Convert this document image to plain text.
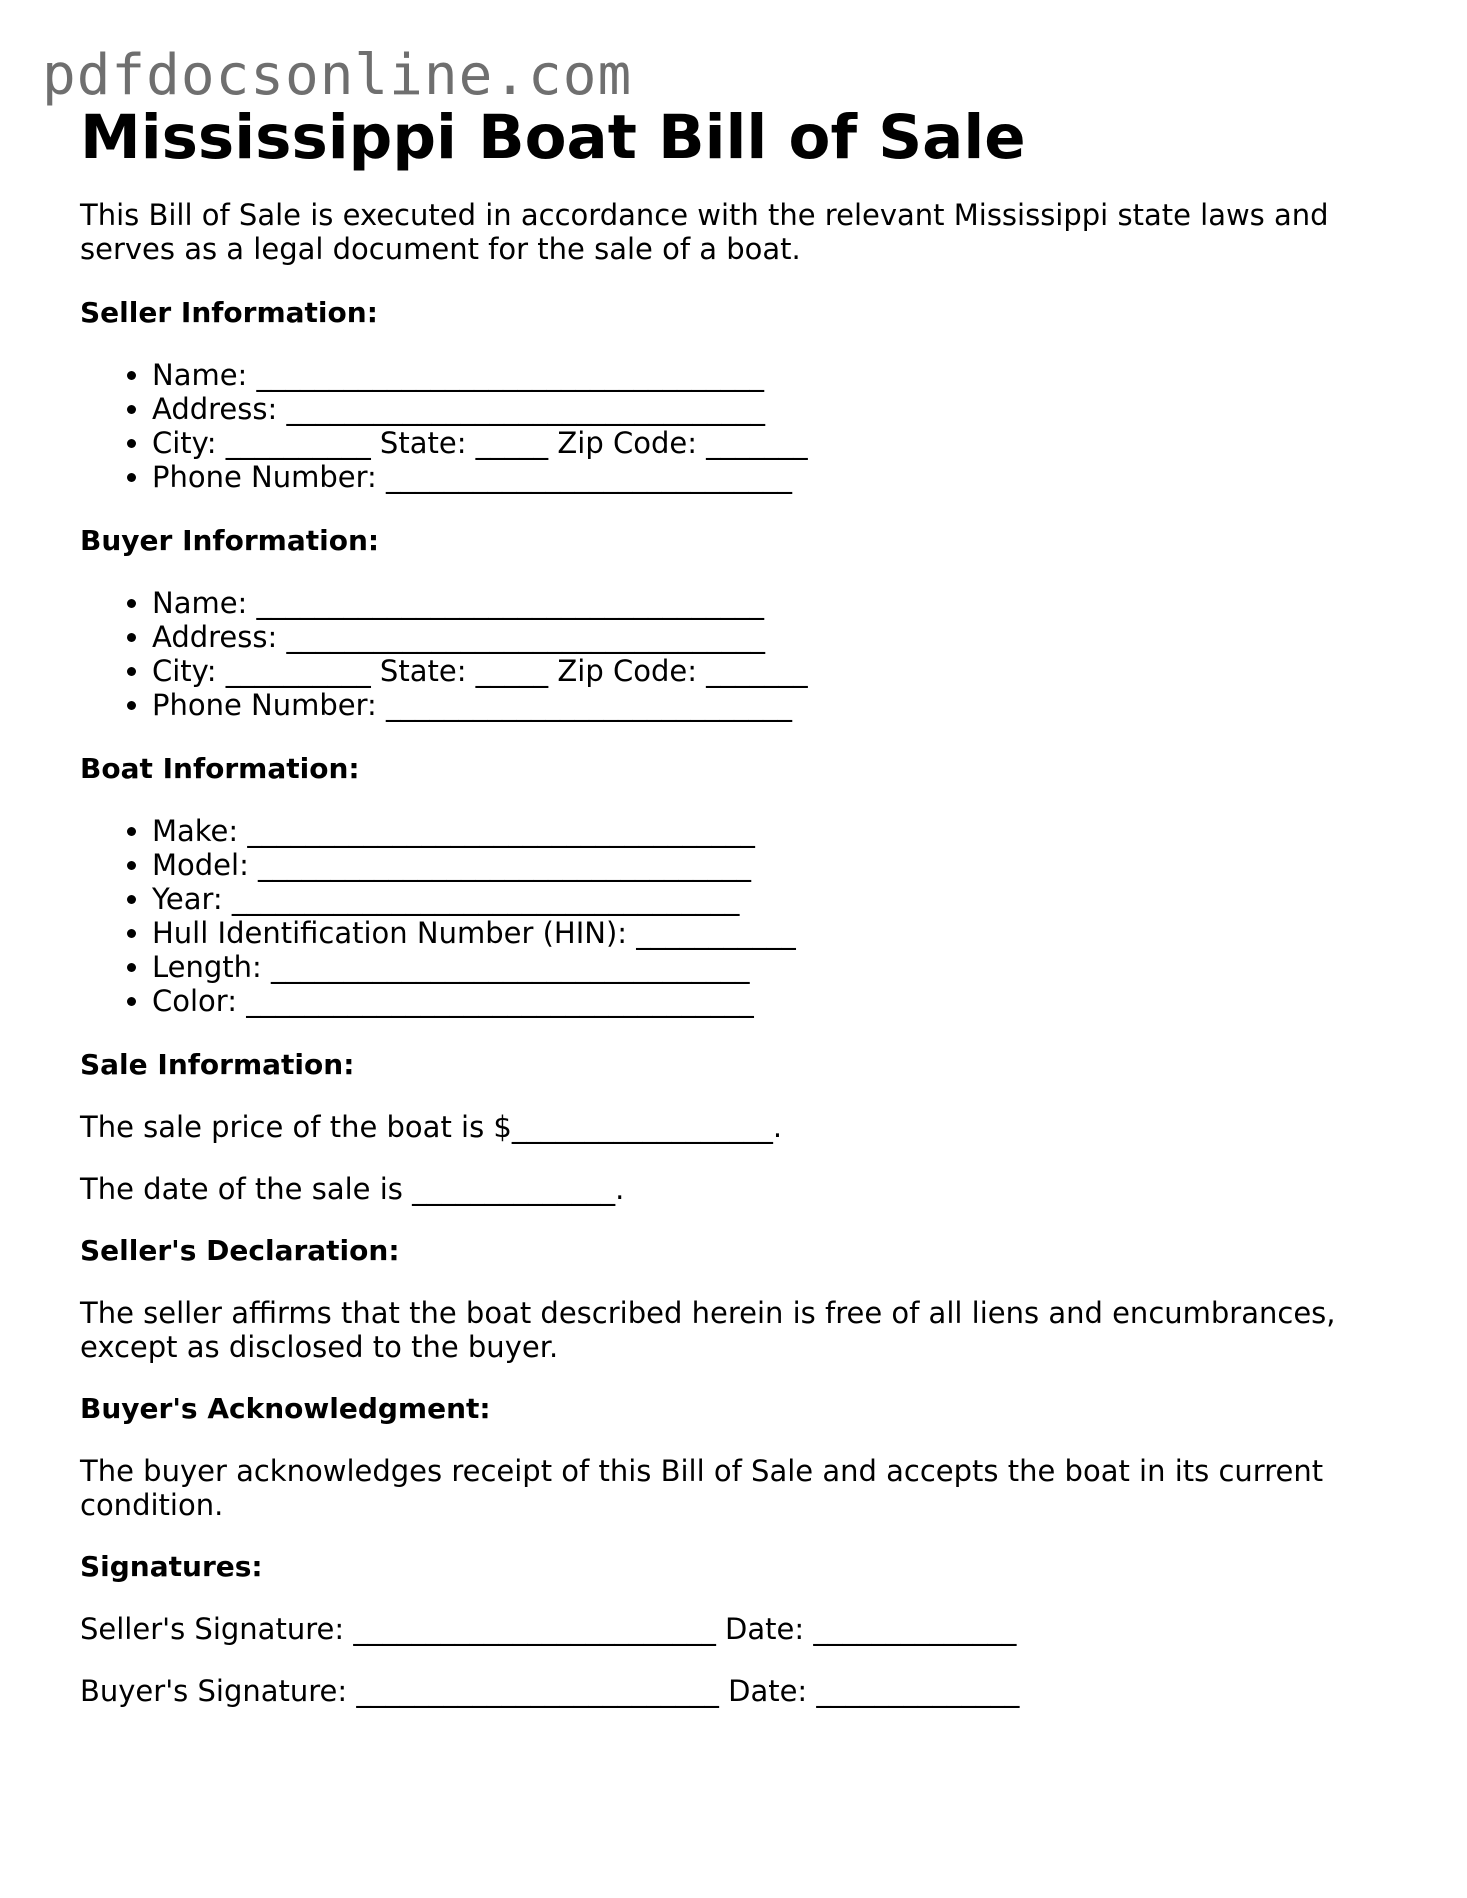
pdfdocsonline.com
Mississippi Boat Bill of Sale

This Bill of Sale is executed in accordance with the relevant Mississippi state laws and serves as a legal document for the sale of a boat.

Seller Information:
• Name: ___________________________________
• Address: _________________________________
• City: __________ State: _____ Zip Code: _______
• Phone Number: ____________________________
Buyer Information:
• Name: ___________________________________
• Address: _________________________________
• City: __________ State: _____ Zip Code: _______
• Phone Number: ____________________________
Boat Information:
• Make: ___________________________________
• Model: __________________________________
• Year: ___________________________________
• Hull Identification Number (HIN): ___________
• Length: _________________________________
• Color: ___________________________________
Sale Information:

The sale price of the boat is $__________________.

The date of the sale is ______________.

Seller's Declaration:

The seller affirms that the boat described herein is free of all liens and encumbrances, except as disclosed to the buyer.

Buyer's Acknowledgment:

The buyer acknowledges receipt of this Bill of Sale and accepts the boat in its current condition.

Signatures:

Seller's Signature: _________________________ Date: ______________

Buyer's Signature: _________________________ Date: ______________
